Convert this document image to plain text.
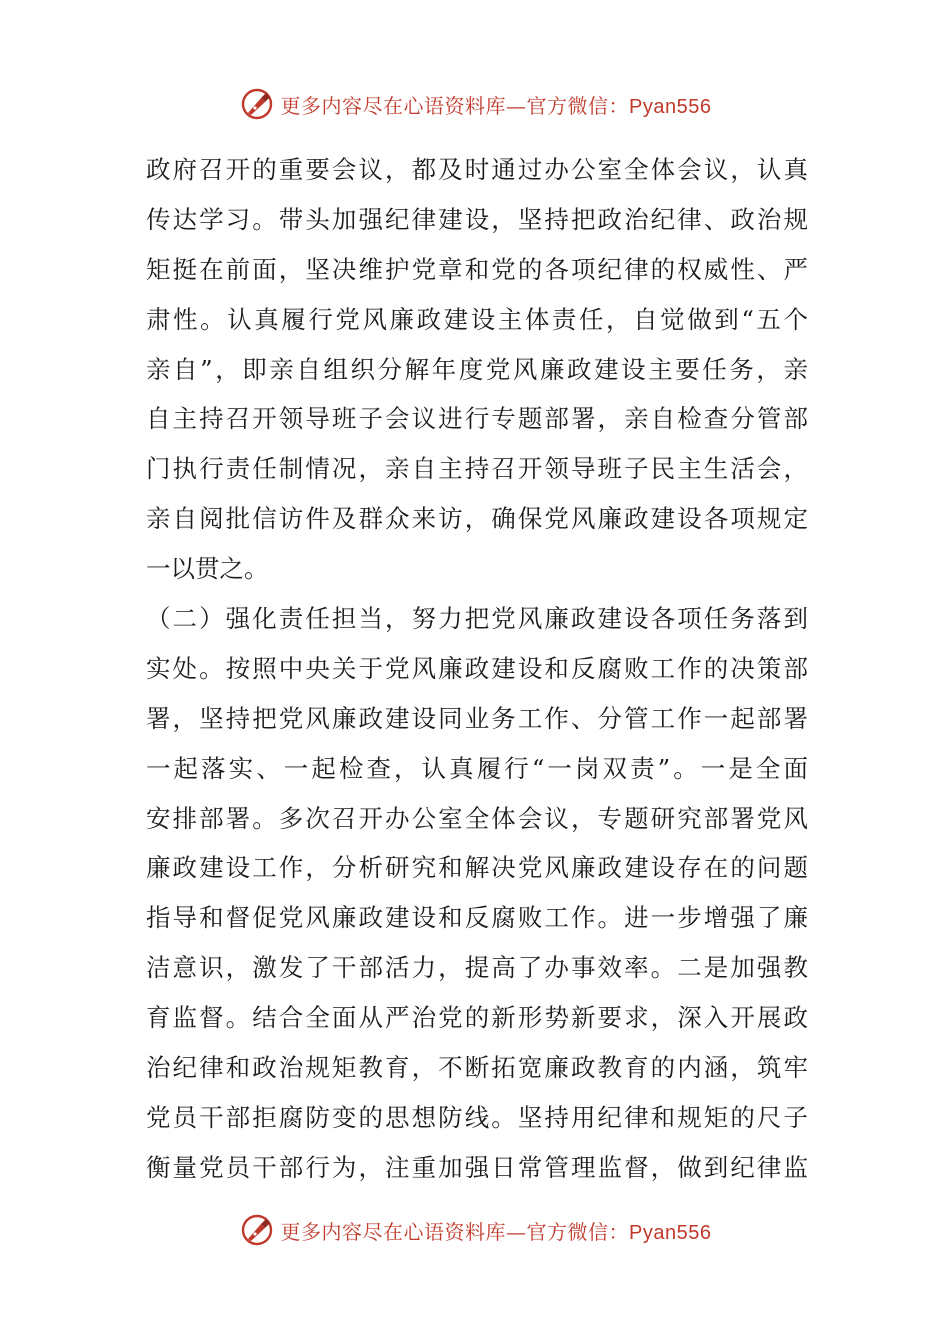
更多内容尽在心语资料库—官方微信：Pyan556
政府召开的重要会议，都及时通过办公室全体会议，认真
传达学习。带头加强纪律建设，坚持把政治纪律、政治规
矩挺在前面，坚决维护党章和党的各项纪律的权威性、严
肃性。认真履行党风廉政建设主体责任，自觉做到“五个
亲自”，即亲自组织分解年度党风廉政建设主要任务，亲
自主持召开领导班子会议进行专题部署，亲自检查分管部
门执行责任制情况，亲自主持召开领导班子民主生活会，
亲自阅批信访件及群众来访，确保党风廉政建设各项规定
一以贯之。
（二）强化责任担当，努力把党风廉政建设各项任务落到
实处。按照中央关于党风廉政建设和反腐败工作的决策部
署，坚持把党风廉政建设同业务工作、分管工作一起部署
一起落实、一起检查，认真履行“一岗双责”。一是全面
安排部署。多次召开办公室全体会议，专题研究部署党风
廉政建设工作，分析研究和解决党风廉政建设存在的问题
指导和督促党风廉政建设和反腐败工作。进一步增强了廉
洁意识，激发了干部活力，提高了办事效率。二是加强教
育监督。结合全面从严治党的新形势新要求，深入开展政
治纪律和政治规矩教育，不断拓宽廉政教育的内涵，筑牢
党员干部拒腐防变的思想防线。坚持用纪律和规矩的尺子
衡量党员干部行为，注重加强日常管理监督，做到纪律监
更多内容尽在心语资料库—官方微信：Pyan556
